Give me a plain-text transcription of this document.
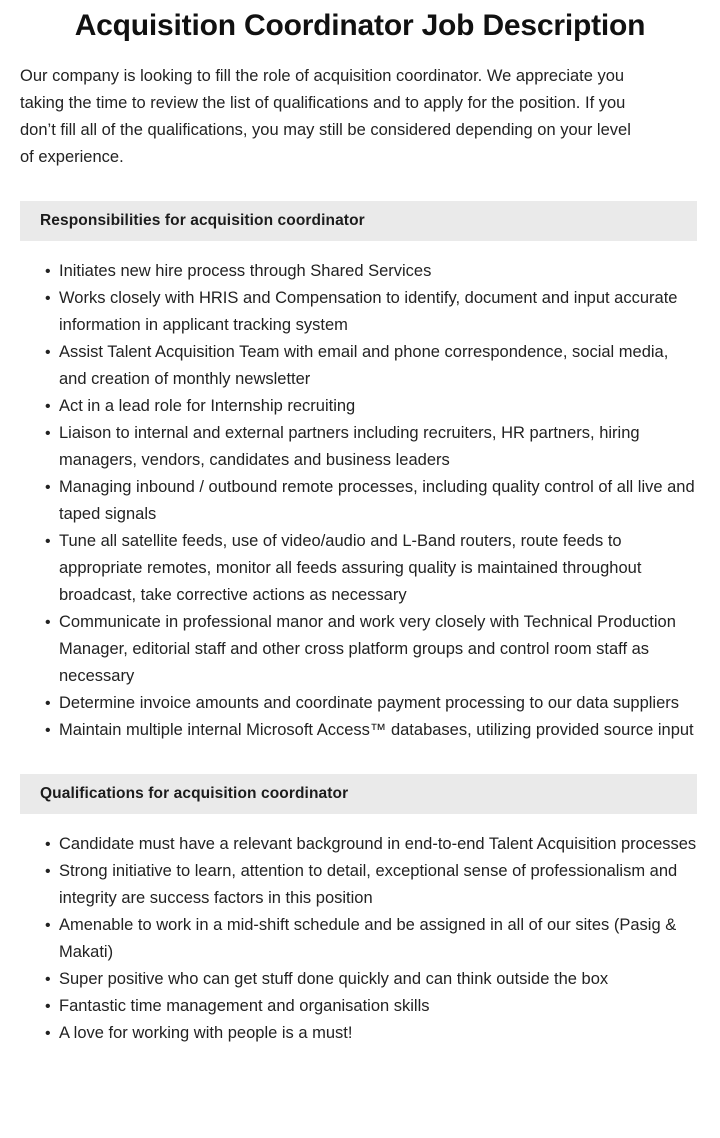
Acquisition Coordinator Job Description

Our company is looking to fill the role of acquisition coordinator. We appreciate you taking the time to review the list of qualifications and to apply for the position. If you don’t fill all of the qualifications, you may still be considered depending on your level of experience.

Responsibilities for acquisition coordinator
• Initiates new hire process through Shared Services
• Works closely with HRIS and Compensation to identify, document and input accurate information in applicant tracking system
• Assist Talent Acquisition Team with email and phone correspondence, social media, and creation of monthly newsletter
• Act in a lead role for Internship recruiting
• Liaison to internal and external partners including recruiters, HR partners, hiring managers, vendors, candidates and business leaders
• Managing inbound / outbound remote processes, including quality control of all live and taped signals
• Tune all satellite feeds, use of video/audio and L-Band routers, route feeds to appropriate remotes, monitor all feeds assuring quality is maintained throughout broadcast, take corrective actions as necessary
• Communicate in professional manor and work very closely with Technical Production Manager, editorial staff and other cross platform groups and control room staff as necessary
• Determine invoice amounts and coordinate payment processing to our data suppliers
• Maintain multiple internal Microsoft Access™ databases, utilizing provided source input
Qualifications for acquisition coordinator
• Candidate must have a relevant background in end-to-end Talent Acquisition processes
• Strong initiative to learn, attention to detail, exceptional sense of professionalism and integrity are success factors in this position
• Amenable to work in a mid-shift schedule and be assigned in all of our sites (Pasig & Makati)
• Super positive who can get stuff done quickly and can think outside the box
• Fantastic time management and organisation skills
• A love for working with people is a must!
